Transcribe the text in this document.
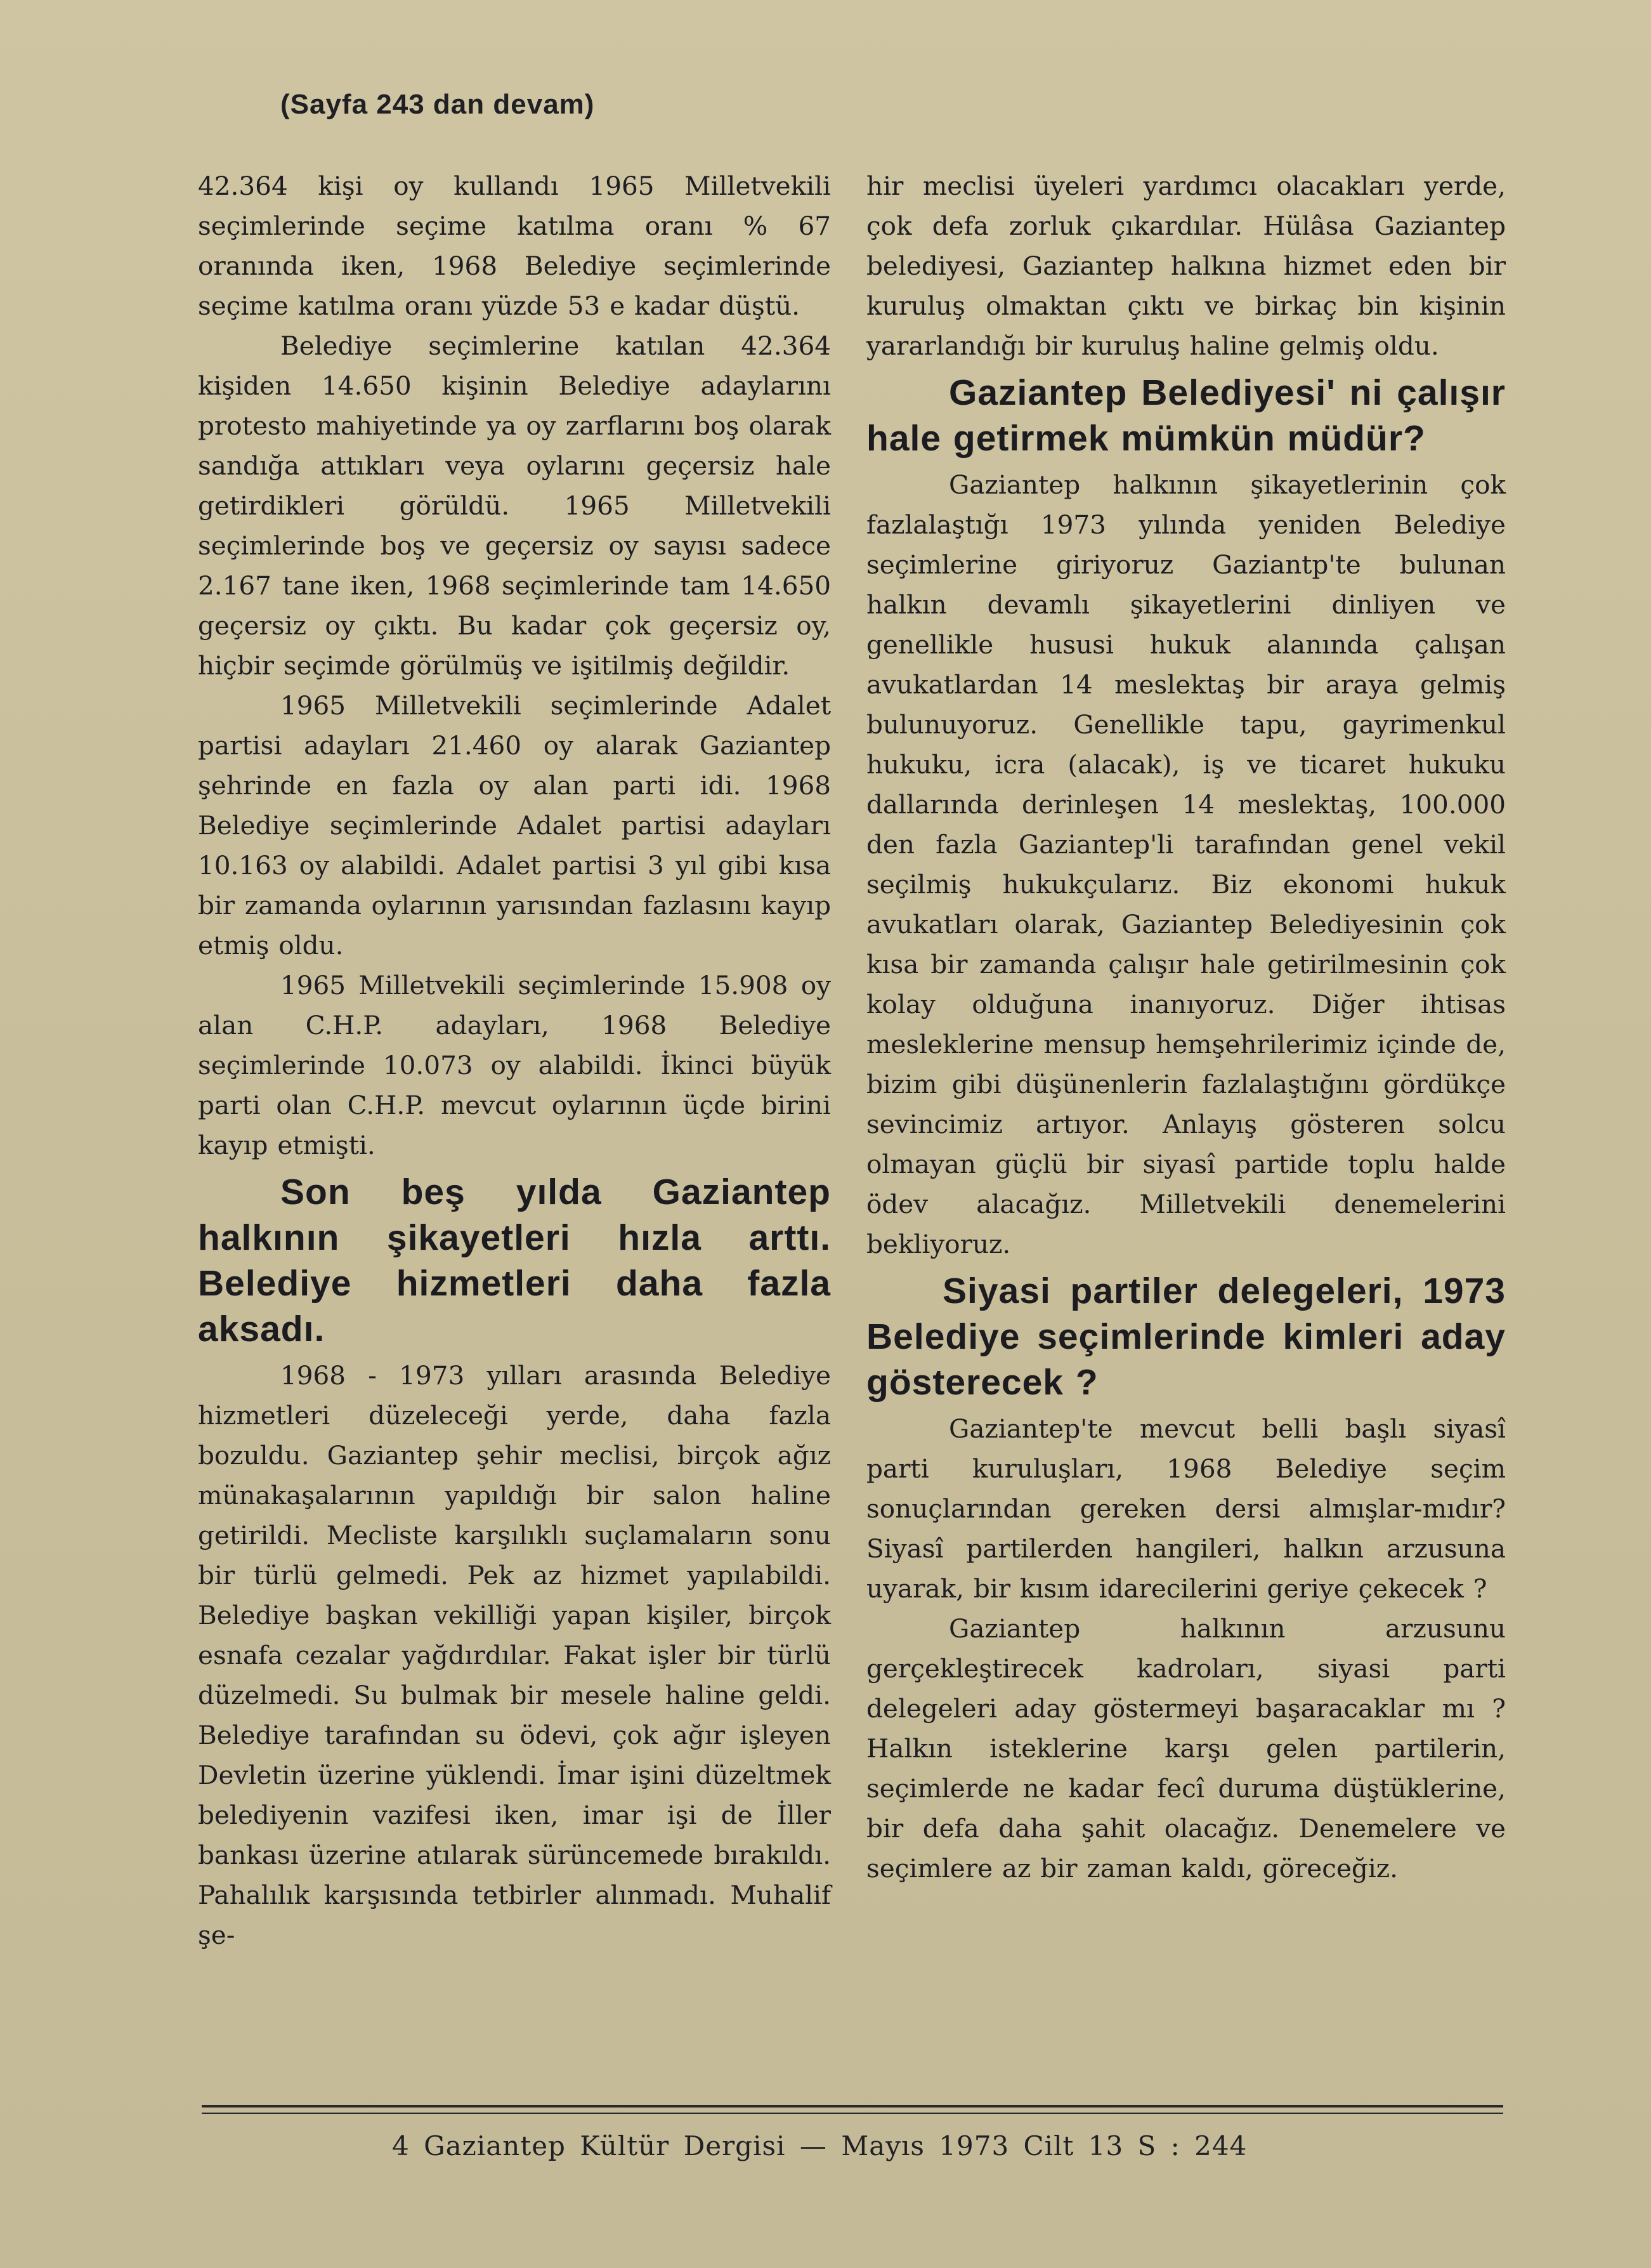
(Sayfa 243 dan devam)

42.364 kişi oy kullandı 1965 Milletvekili seçimlerinde seçime katılma oranı % 67 oranında iken, 1968 Belediye seçimlerinde seçime katılma oranı yüzde 53 e kadar düştü.

Belediye seçimlerine katılan 42.364 kişiden 14.650 kişinin Belediye adaylarını protesto mahiyetinde ya oy zarflarını boş olarak sandığa attıkları veya oylarını geçersiz hale getirdikleri görüldü. 1965 Milletvekili seçimlerinde boş ve geçersiz oy sayısı sadece 2.167 tane iken, 1968 seçimlerinde tam 14.650 geçersiz oy çıktı. Bu kadar çok geçersiz oy, hiçbir seçimde görülmüş ve işitilmiş değildir.

1965 Milletvekili seçimlerinde Adalet partisi adayları 21.460 oy alarak Gaziantep şehrinde en fazla oy alan parti idi. 1968 Belediye seçimlerinde Adalet partisi adayları 10.163 oy alabildi. Adalet partisi 3 yıl gibi kısa bir zamanda oylarının yarısından fazlasını kayıp etmiş oldu.

1965 Milletvekili seçimlerinde 15.908 oy alan C.H.P. adayları, 1968 Belediye seçimlerinde 10.073 oy alabildi. İkinci büyük parti olan C.H.P. mevcut oylarının üçde birini kayıp etmişti.

Son beş yılda Gaziantep halkının şikayetleri hızla arttı. Belediye hizmetleri daha fazla aksadı.

1968 - 1973 yılları arasında Belediye hizmetleri düzeleceği yerde, daha fazla bozuldu. Gaziantep şehir meclisi, birçok ağız münakaşalarının yapıldığı bir salon haline getirildi. Mecliste karşılıklı suçlamaların sonu bir türlü gelmedi. Pek az hizmet yapılabildi. Belediye başkan vekilliği yapan kişiler, birçok esnafa cezalar yağdırdılar. Fakat işler bir türlü düzelmedi. Su bulmak bir mesele haline geldi. Belediye tarafından su ödevi, çok ağır işleyen Devletin üzerine yüklendi. İmar işini düzeltmek belediyenin vazifesi iken, imar işi de İller bankası üzerine atılarak sürüncemede bırakıldı. Pahalılık karşısında tetbirler alınmadı. Muhalif şe-

hir meclisi üyeleri yardımcı olacakları yerde, çok defa zorluk çıkardılar. Hülâsa Gaziantep belediyesi, Gaziantep halkına hizmet eden bir kuruluş olmaktan çıktı ve birkaç bin kişinin yararlandığı bir kuruluş haline gelmiş oldu.

Gaziantep Belediyesi' ni çalışır hale getirmek mümkün müdür?

Gaziantep halkının şikayetlerinin çok fazlalaştığı 1973 yılında yeniden Belediye seçimlerine giriyoruz Gaziantp'te bulunan halkın devamlı şikayetlerini dinliyen ve genellikle hususi hukuk alanında çalışan avukatlardan 14 meslektaş bir araya gelmiş bulunuyoruz. Genellikle tapu, gayrimenkul hukuku, icra (alacak), iş ve ticaret hukuku dallarında derinleşen 14 meslektaş, 100.000 den fazla Gaziantep'li tarafından genel vekil seçilmiş hukukçularız. Biz ekonomi hukuk avukatları olarak, Gaziantep Belediyesinin çok kısa bir zamanda çalışır hale getirilmesinin çok kolay olduğuna inanıyoruz. Diğer ihtisas mesleklerine mensup hemşehrilerimiz içinde de, bizim gibi düşünenlerin fazlalaştığını gördükçe sevincimiz artıyor. Anlayış gösteren solcu olmayan güçlü bir siyasî partide toplu halde ödev alacağız. Milletvekili denemelerini bekliyoruz.

Siyasi partiler delegeleri, 1973 Belediye seçimlerinde kimleri aday gösterecek ?

Gaziantep'te mevcut belli başlı siyasî parti kuruluşları, 1968 Belediye seçim sonuçlarından gereken dersi almışlar-mıdır? Siyasî partilerden hangileri, halkın arzusuna uyarak, bir kısım idarecilerini geriye çekecek ?

Gaziantep halkının arzusunu gerçekleştirecek kadroları, siyasi parti delegeleri aday göstermeyi başaracaklar mı ? Halkın isteklerine karşı gelen partilerin, seçimlerde ne kadar fecî duruma düştüklerine, bir defa daha şahit olacağız. Denemelere ve seçimlere az bir zaman kaldı, göreceğiz.

4 Gaziantep Kültür Dergisi — Mayıs 1973 Cilt 13 S : 244
